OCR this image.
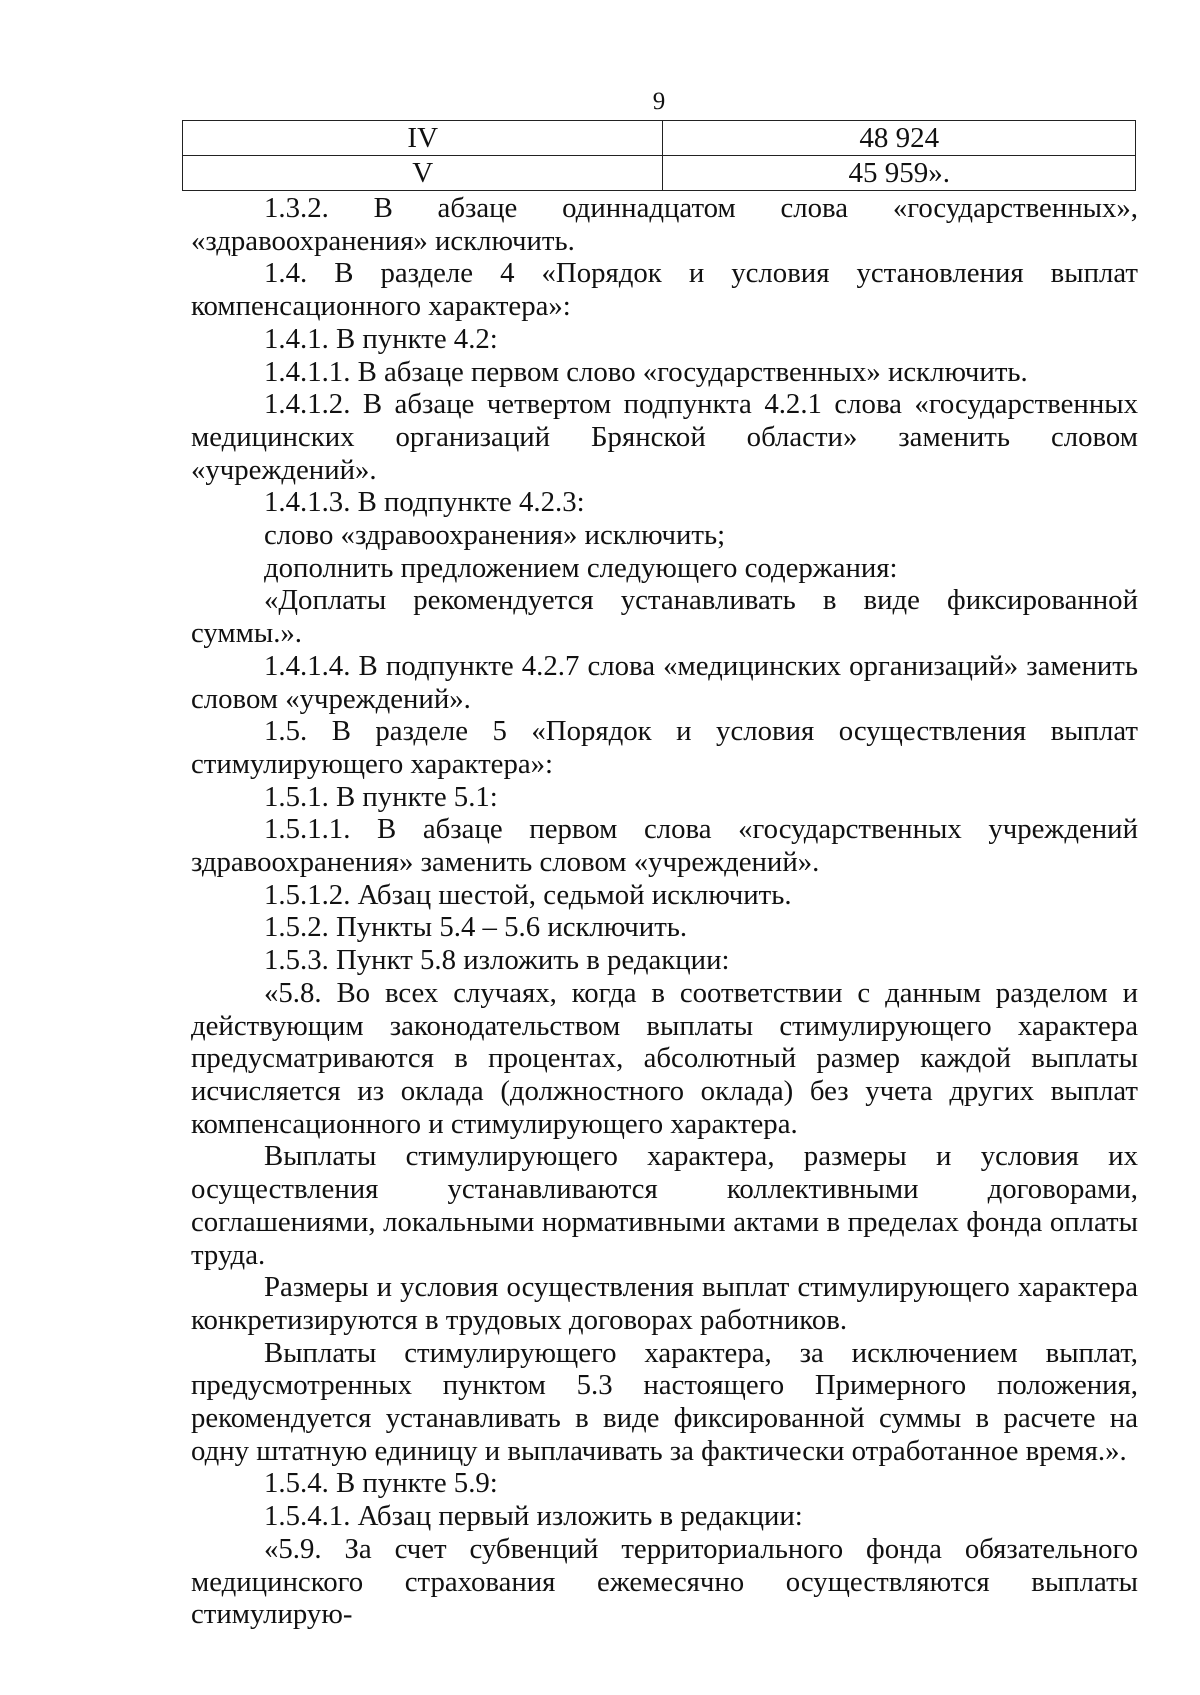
9
IV	48 924
V	45 959».

1.3.2. В абзаце одиннадцатом слова «государственных», «здравоохранения» исключить.

1.4. В разделе 4 «Порядок и условия установления выплат компенсационного характера»:

1.4.1. В пункте 4.2:

1.4.1.1. В абзаце первом слово «государственных» исключить.

1.4.1.2. В абзаце четвертом подпункта 4.2.1 слова «государственных медицинских организаций Брянской области» заменить словом «учреждений».

1.4.1.3. В подпункте 4.2.3:

слово «здравоохранения» исключить;

дополнить предложением следующего содержания:

«Доплаты рекомендуется устанавливать в виде фиксированной суммы.».

1.4.1.4. В подпункте 4.2.7 слова «медицинских организаций» заменить словом «учреждений».

1.5. В разделе 5 «Порядок и условия осуществления выплат стимулирующего характера»:

1.5.1. В пункте 5.1:

1.5.1.1. В абзаце первом слова «государственных учреждений здравоохранения» заменить словом «учреждений».

1.5.1.2. Абзац шестой, седьмой исключить.

1.5.2. Пункты 5.4 – 5.6 исключить.

1.5.3. Пункт 5.8 изложить в редакции:

«5.8. Во всех случаях, когда в соответствии с данным разделом и действующим законодательством выплаты стимулирующего характера предусматриваются в процентах, абсолютный размер каждой выплаты исчисляется из оклада (должностного оклада) без учета других выплат компенсационного и стимулирующего характера.

Выплаты стимулирующего характера, размеры и условия их осуществления устанавливаются коллективными договорами, соглашениями, локальными нормативными актами в пределах фонда оплаты труда.

Размеры и условия осуществления выплат стимулирующего характера конкретизируются в трудовых договорах работников.

Выплаты стимулирующего характера, за исключением выплат, предусмотренных пунктом 5.3 настоящего Примерного положения, рекомендуется устанавливать в виде фиксированной суммы в расчете на одну штатную единицу и выплачивать за фактически отработанное время.».

1.5.4. В пункте 5.9:

1.5.4.1. Абзац первый изложить в редакции:

«5.9. За счет субвенций территориального фонда обязательного медицинского страхования ежемесячно осуществляются выплаты стимулирую-
